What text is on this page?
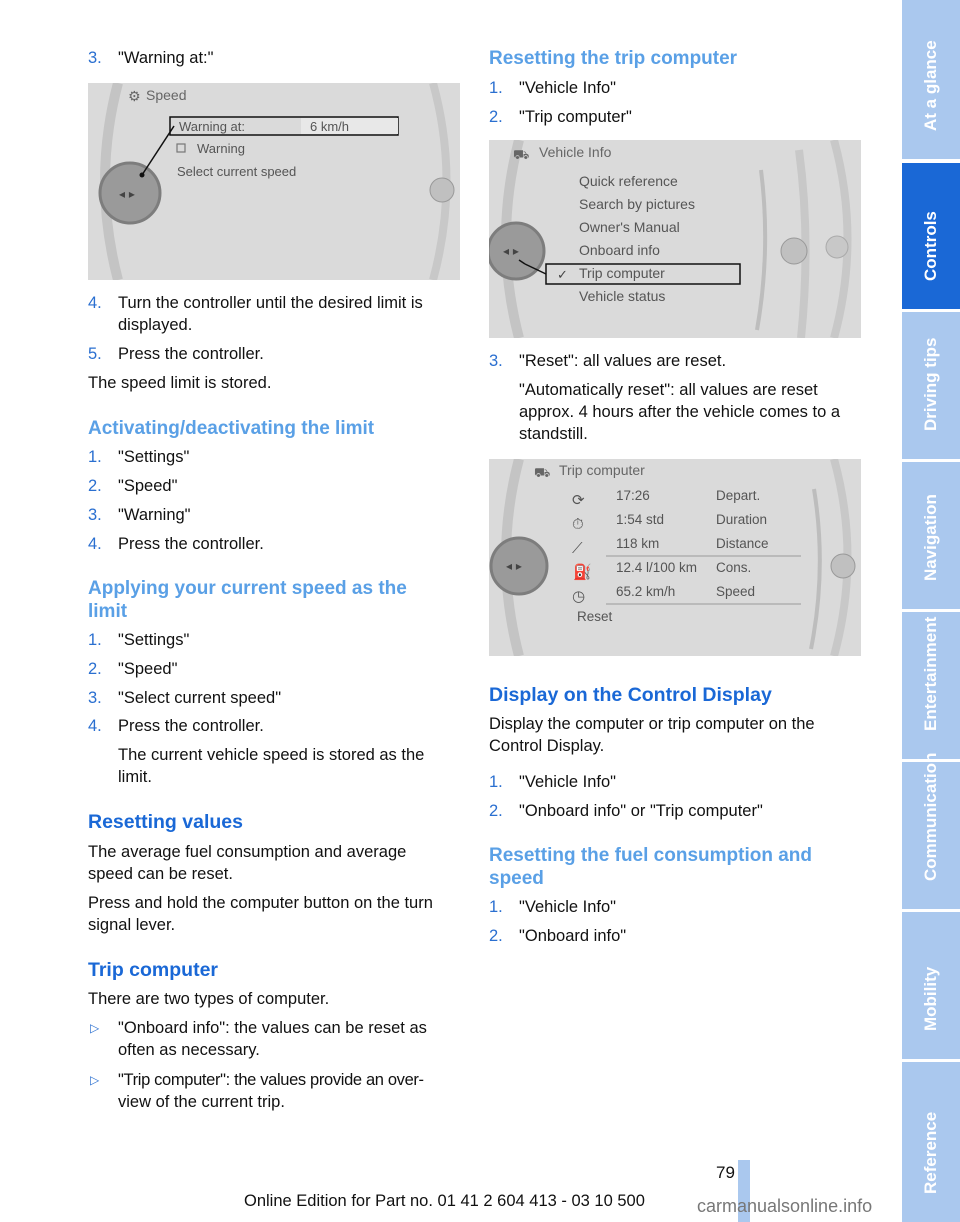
3. "Warning at:"
◂ ▸
⚙ Speed
Warning at:	6 km/h
Warning
Select current speed
4. Turn the controller until the desired limit is
displayed.
5. Press the controller.
The speed limit is stored.
Activating/deactivating the limit
1. "Settings"
2. "Speed"
3. "Warning"
4. Press the controller.
Applying your current speed as the
limit
1. "Settings"
2. "Speed"
3. "Select current speed"
4. Press the controller.
The current vehicle speed is stored as the
limit.
Resetting values
The average fuel consumption and average
speed can be reset.
Press and hold the computer button on the turn
signal lever.
Trip computer
There are two types of computer.
▷ "Onboard info": the values can be reset as
often as necessary.
▷ "Trip computer": the values provide an over-
view of the current trip.
Resetting the trip computer
1. "Vehicle Info"
2. "Trip computer"
◂ ▸
⛟
✓
Vehicle Info
Quick reference
Search by pictures
Owner's Manual
Onboard info
Trip computer
Vehicle status
3. "Reset": all values are reset.
"Automatically reset": all values are reset
approx. 4 hours after the vehicle comes to a
standstill.
◂ ▸
⛟
⟳
⏱
⟋
⛽
◷
Trip computer
17:26	Depart.
1:54 std	Duration
118 km	Distance
12.4 l/100 km Cons.
65.2 km/h	Speed
Reset
Display on the Control Display
Display the computer or trip computer on the
Control Display.
1. "Vehicle Info"
2. "Onboard info" or "Trip computer"
Resetting the fuel consumption and
speed
1. "Vehicle Info"
2. "Onboard info"
At a glance
Controls
Driving tips
Navigation
Entertainment
Communication
Mobility
Reference
79
Online Edition for Part no. 01 41 2 604 413 - 03 10 500	carmanualsonline.info
